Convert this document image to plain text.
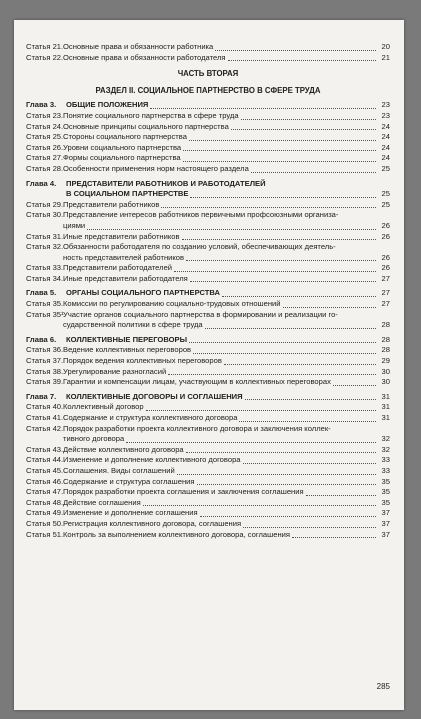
Статья 21. Основные права и обязанности работника	20
Статья 22. Основные права и обязанности работодателя	21
ЧАСТЬ ВТОРАЯ
РАЗДЕЛ II. СОЦИАЛЬНОЕ ПАРТНЕРСТВО В СФЕРЕ ТРУДА
Глава 3.	ОБЩИЕ ПОЛОЖЕНИЯ	23
Статья 23. Понятие социального партнерства в сфере труда	23
Статья 24. Основные принципы социального партнерства	24
Статья 25. Стороны социального партнерства	24
Статья 26. Уровни социального партнерства	24
Статья 27. Формы социального партнерства	24
Статья 28. Особенности применения норм настоящего раздела	25
Глава 4.	ПРЕДСТАВИТЕЛИ РАБОТНИКОВ И РАБОТОДАТЕЛЕЙ
В СОЦИАЛЬНОМ ПАРТНЕРСТВЕ	25
Статья 29. Представители работников	25
Статья 30. Представление интересов работников первичными профсоюзными организа-
циями	26
Статья 31. Иные представители работников	26
Статья 32. Обязанности работодателя по созданию условий, обеспечивающих деятель-
ность представителей работников	26
Статья 33. Представители работодателей	26
Статья 34. Иные представители работодателя	27
Глава 5.	ОРГАНЫ СОЦИАЛЬНОГО ПАРТНЕРСТВА	27
Статья 35. Комиссии по регулированию социально-трудовых отношений	27
Статья 35¹.
Участие органов социального партнерства в формировании и реализации го-
сударственной политики в сфере труда	28
Глава 6.	КОЛЛЕКТИВНЫЕ ПЕРЕГОВОРЫ	28
Статья 36. Ведение коллективных переговоров	28
Статья 37. Порядок ведения коллективных переговоров	29
Статья 38. Урегулирование разногласий	30
Статья 39. Гарантии и компенсации лицам, участвующим в коллективных переговорах	30
Глава 7.	КОЛЛЕКТИВНЫЕ ДОГОВОРЫ И СОГЛАШЕНИЯ	31
Статья 40. Коллективный договор	31
Статья 41. Содержание и структура коллективного договора	31
Статья 42. Порядок разработки проекта коллективного договора и заключения коллек-
тивного договора	32
Статья 43. Действие коллективного договора	32
Статья 44. Изменение и дополнение коллективного договора	33
Статья 45. Соглашения. Виды соглашений	33
Статья 46. Содержание и структура соглашения	35
Статья 47. Порядок разработки проекта соглашения и заключения соглашения	35
Статья 48. Действие соглашения	35
Статья 49. Изменение и дополнение соглашения	37
Статья 50. Регистрация коллективного договора, соглашения	37
Статья 51. Контроль за выполнением коллективного договора, соглашения	37
285
